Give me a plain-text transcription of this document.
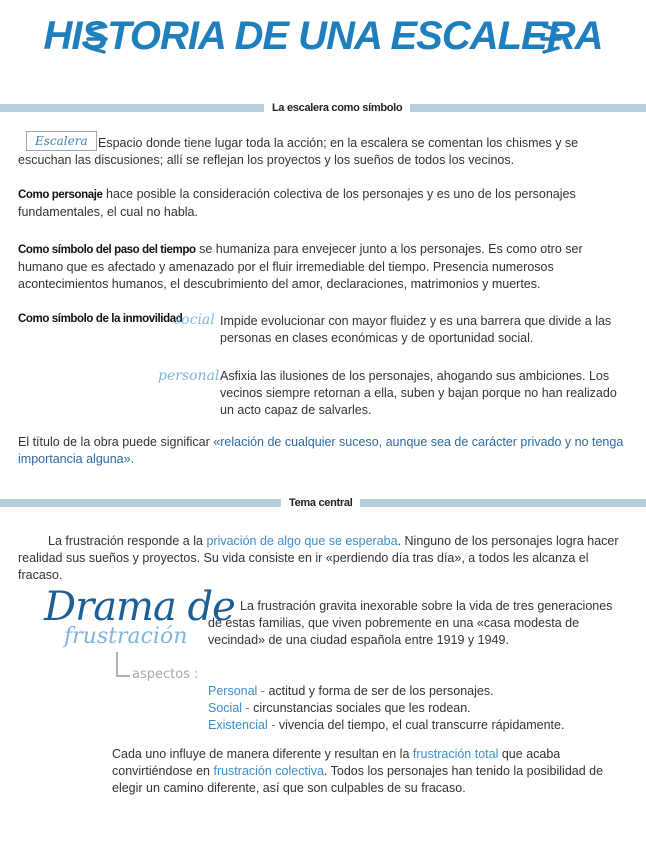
HISTORIA DE UNA ESCALERA
La escalera como símbolo
Escalera Espacio donde tiene lugar toda la acción; en la escalera se comentan los chismes y se escuchan las discusiones; allí se reflejan los proyectos y los sueños de todos los vecinos.
Como personaje hace posible la consideración colectiva de los personajes y es uno de los personajes fundamentales, el cual no habla.
Como símbolo del paso del tiempo se humaniza para envejecer junto a los personajes. Es como otro ser humano que es afectado y amenazado por el fluir irremediable del tiempo. Presencia numerosos acontecimientos humanos, el descubrimiento del amor, declaraciones, matrimonios y muertes.
Como símbolo de la inmovilidad
social Impide evolucionar con mayor fluidez y es una barrera que divide a las personas en clases económicas y de oportunidad social.
personal Asfixia las ilusiones de los personajes, ahogando sus ambiciones. Los vecinos siempre retornan a ella, suben y bajan porque no han realizado un acto capaz de salvarles.
El título de la obra puede significar «relación de cualquier suceso, aunque sea de carácter privado y no tenga importancia alguna».
Tema central
La frustración responde a la privación de algo que se esperaba. Ninguno de los personajes logra hacer realidad sus sueños y proyectos. Su vida consiste en ir «perdiendo día tras día», a todos les alcanza el fracaso.
Drama de
frustración
aspectos :
La frustración gravita inexorable sobre la vida de tres generaciones de estas familias, que viven pobremente en una «casa modesta de vecindad» de una ciudad española entre 1919 y 1949.
Personal - actitud y forma de ser de los personajes.
Social - circunstancias sociales que les rodean.
Existencial - vivencia del tiempo, el cual transcurre rápidamente.
Cada uno influye de manera diferente y resultan en la frustración total que acaba convirtiéndose en frustración colectiva. Todos los personajes han tenido la posibilidad de elegir un camino diferente, así que son culpables de su fracaso.
